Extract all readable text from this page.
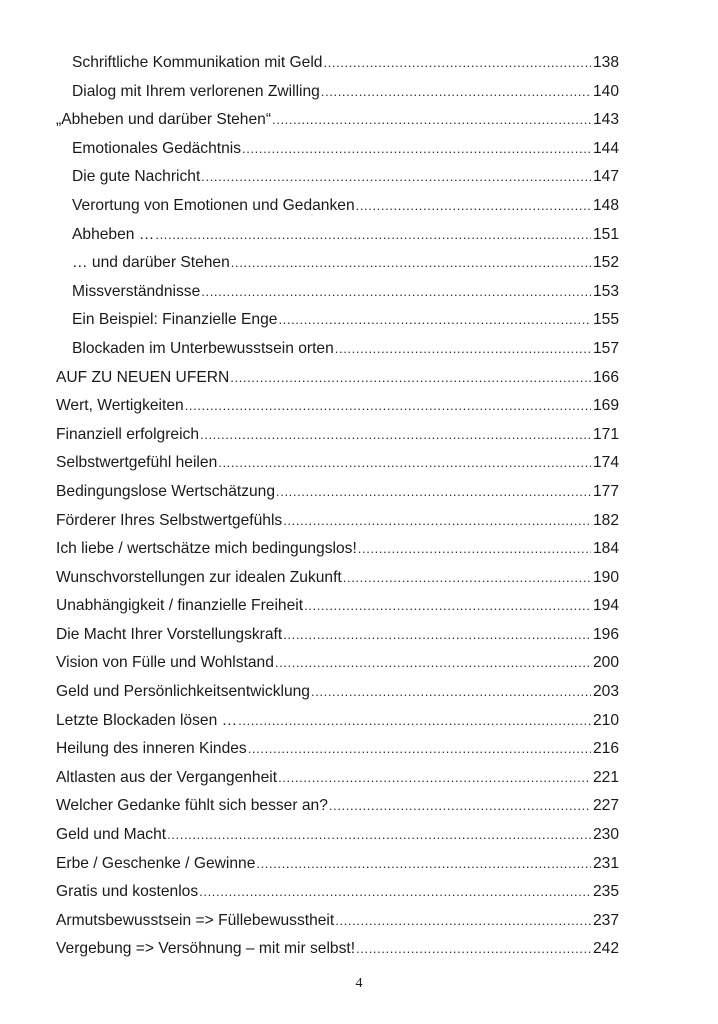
Schriftliche Kommunikation mit Geld .....	138
Dialog mit Ihrem verlorenen Zwilling .....	140
„Abheben und darüber Stehen“ .....	143
Emotionales Gedächtnis .....	144
Die gute Nachricht .....	147
Verortung von Emotionen und Gedanken .....	148
Abheben … .....	151
… und darüber Stehen .....	152
Missverständnisse .....	153
Ein Beispiel: Finanzielle Enge .....	155
Blockaden im Unterbewusstsein orten .....	157
AUF ZU NEUEN UFERN .....	166
Wert, Wertigkeiten .....	169
Finanziell erfolgreich .....	171
Selbstwertgefühl heilen .....	174
Bedingungslose Wertschätzung .....	177
Förderer Ihres Selbstwertgefühls .....	182
Ich liebe / wertschätze mich bedingungslos! .....	184
Wunschvorstellungen zur idealen Zukunft .....	190
Unabhängigkeit / finanzielle Freiheit .....	194
Die Macht Ihrer Vorstellungskraft .....	196
Vision von Fülle und Wohlstand .....	200
Geld und Persönlichkeitsentwicklung .....	203
Letzte Blockaden lösen … .....	210
Heilung des inneren Kindes .....	216
Altlasten aus der Vergangenheit .....	221
Welcher Gedanke fühlt sich besser an? .....	227
Geld und Macht .....	230
Erbe / Geschenke / Gewinne .....	231
Gratis und kostenlos .....	235
Armutsbewusstsein => Füllebewusstheit .....	237
Vergebung => Versöhnung – mit mir selbst! .....	242
4
